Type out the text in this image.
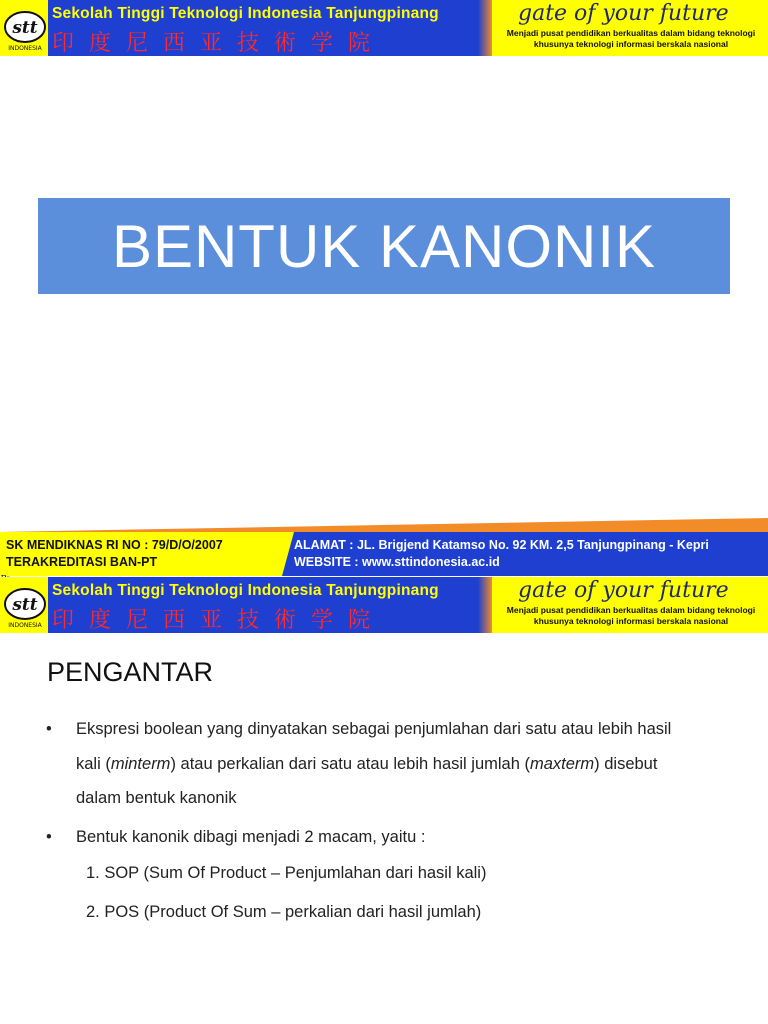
stt
INDONESIA
Sekolah Tinggi Teknologi Indonesia Tanjungpinang
印度尼西亚技術学院
gate of your future
Menjadi pusat pendidikan berkualitas dalam bidang teknologi
khusunya teknologi informasi berskala nasional
BENTUK KANONIK
SK MENDIKNAS RI NO : 79/D/O/2007
TERAKREDITASI BAN-PT
ALAMAT : JL. Brigjend Katamso No. 92 KM. 2,5 Tanjungpinang - Kepri
WEBSITE : www.sttindonesia.ac.id
stt
INDONESIA
Sekolah Tinggi Teknologi Indonesia Tanjungpinang
印度尼西亚技術学院
gate of your future
Menjadi pusat pendidikan berkualitas dalam bidang teknologi
khusunya teknologi informasi berskala nasional
PENGANTAR
• Ekspresi boolean yang dinyatakan sebagai penjumlahan dari satu atau lebih hasil
kali (minterm) atau perkalian dari satu atau lebih hasil jumlah (maxterm) disebut
dalam bentuk kanonik
• Bentuk kanonik dibagi menjadi 2 macam, yaitu :
1. SOP (Sum Of Product – Penjumlahan dari hasil kali)
2. POS (Product Of Sum – perkalian dari hasil jumlah)
